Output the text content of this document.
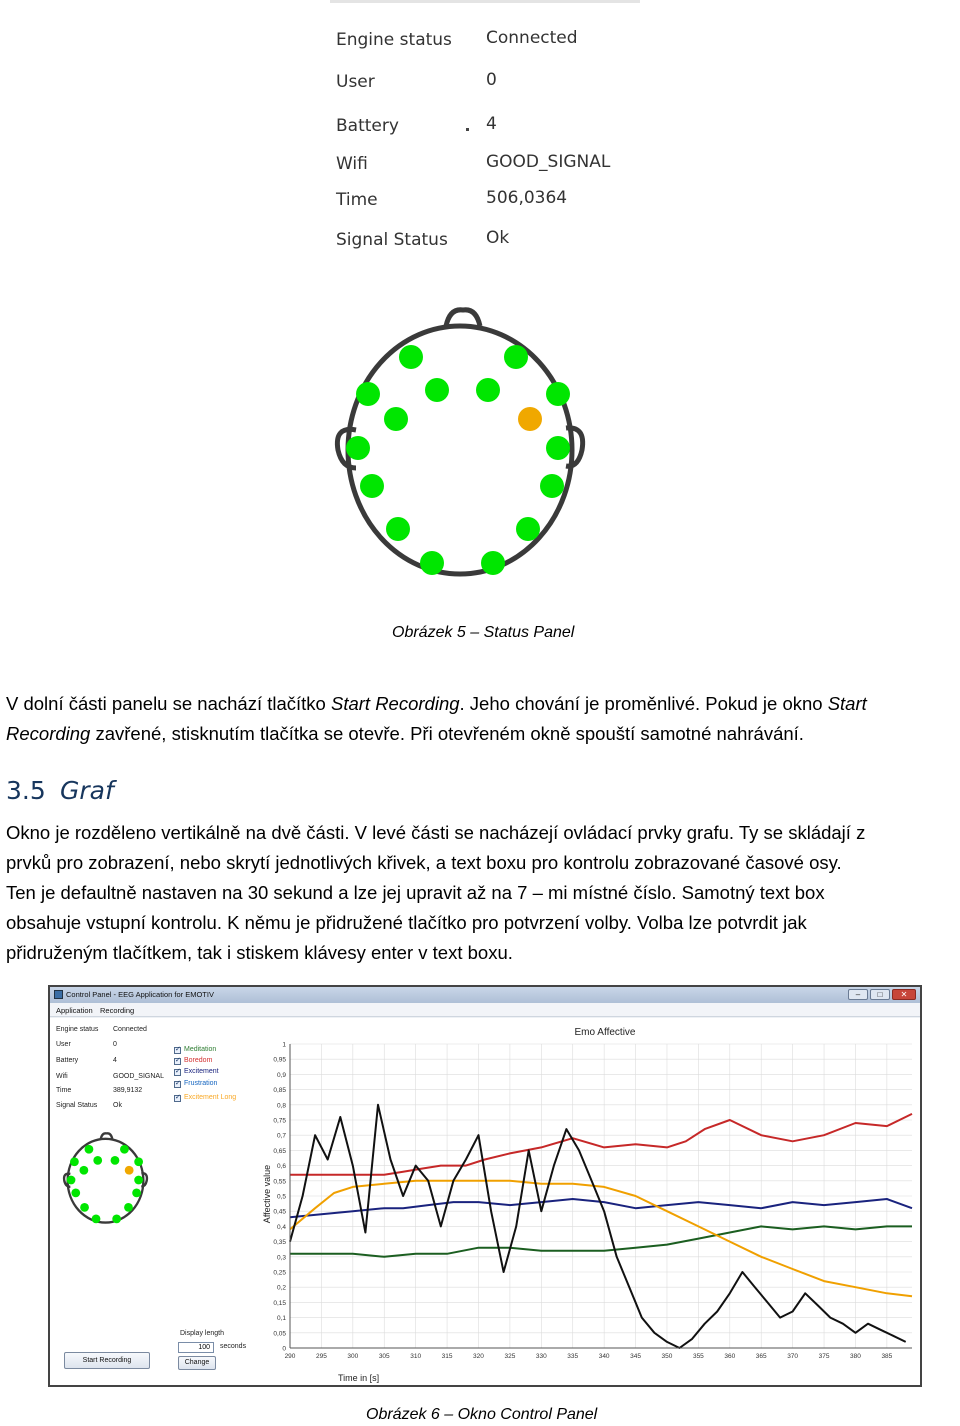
Engine status Connected
User	0
Battery	4
Wifi	GOOD_SIGNAL
Time	506,0364
Signal Status Ok
Obrázek 5 – Status Panel
V dolní části panelu se nachází tlačítko Start Recording. Jeho chování je proměnlivé. Pokud je okno Start
Recording zavřené, stisknutím tlačítka se otevře. Při otevřeném okně spouští samotné nahrávání.
3.5 Graf
Okno je rozděleno vertikálně na dvě části. V levé části se nacházejí ovládací prvky grafu. Ty se skládají z
prvků pro zobrazení, nebo skrytí jednotlivých křivek, a text boxu pro kontrolu zobrazované časové osy.
Ten je defaultně nastaven na 30 sekund a lze jej upravit až na 7 – mi místné číslo. Samotný text box
obsahuje vstupní kontrolu. K němu je přidružené tlačítko pro potvrzení volby. Volba lze potvrdit jak
přidruženým tlačítkem, tak i stiskem klávesy enter v text boxu.
Control Panel - EEG Application for EMOTIV	–	□	✕
Application Recording
Engine status Connected
User	0
Battery	4
Wifi	GOOD_SIGNAL
Time	389,9132
Signal Status Ok
✓
Meditation
✓
Boredom
✓
Excitement
✓
Frustration
✓
Excitement Long
Display length
100	seconds
Change
Start Recording
0
0,05
0,1
0,15
0,2
0,25
0,3
0,35
0,4
0,45
0,5
0,55
0,6
0,65
0,7
0,75
0,8
0,85
0,9
0,95
1
290	295	300	305	310	315	320	325	330	335	340	345	350	355	360	365	370	375	380	385
Emo Affective
Time in [s]
Affective value
Obrázek 6 – Okno Control Panel
